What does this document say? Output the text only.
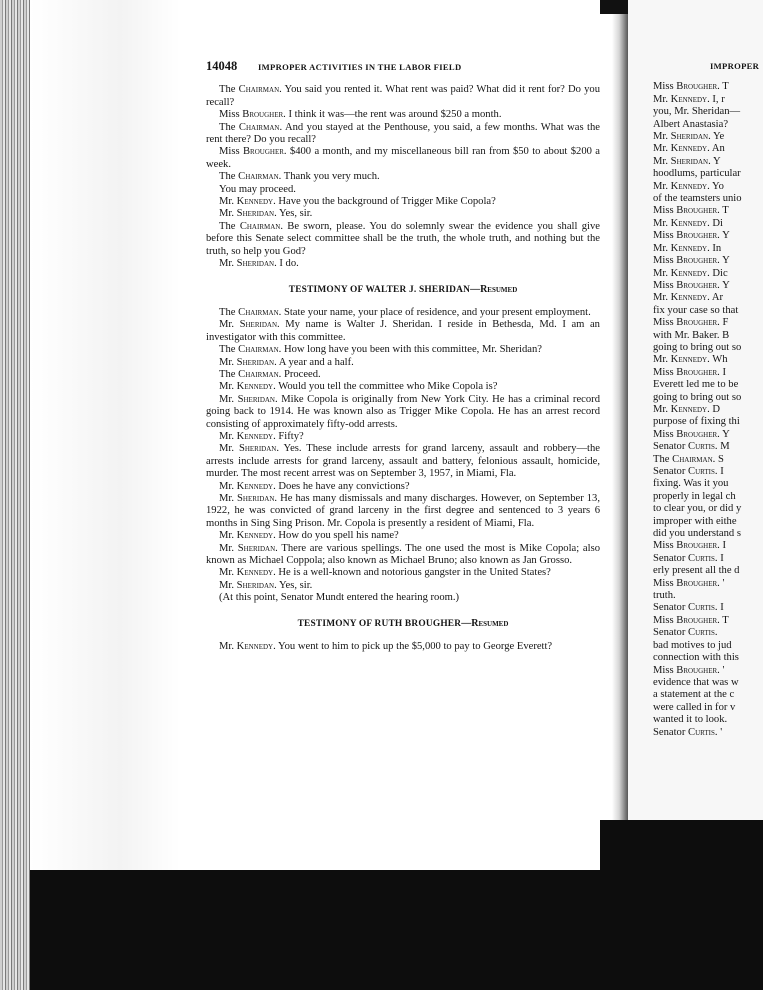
14048	IMPROPER ACTIVITIES IN THE LABOR FIELD

The Chairman. You said you rented it. What rent was paid? What did it rent for? Do you recall?

Miss Brougher. I think it was—the rent was around $250 a month.

The Chairman. And you stayed at the Penthouse, you said, a few months. What was the rent there? Do you recall?

Miss Brougher. $400 a month, and my miscellaneous bill ran from $50 to about $200 a week.

The Chairman. Thank you very much.

You may proceed.

Mr. Kennedy. Have you the background of Trigger Mike Copola?

Mr. Sheridan. Yes, sir.

The Chairman. Be sworn, please. You do solemnly swear the evidence you shall give before this Senate select committee shall be the truth, the whole truth, and nothing but the truth, so help you God?

Mr. Sheridan. I do.

TESTIMONY OF WALTER J. SHERIDAN—Resumed

The Chairman. State your name, your place of residence, and your present employment.

Mr. Sheridan. My name is Walter J. Sheridan. I reside in Bethesda, Md. I am an investigator with this committee.

The Chairman. How long have you been with this committee, Mr. Sheridan?

Mr. Sheridan. A year and a half.

The Chairman. Proceed.

Mr. Kennedy. Would you tell the committee who Mike Copola is?

Mr. Sheridan. Mike Copola is originally from New York City. He has a criminal record going back to 1914. He was known also as Trigger Mike Copola. He has an arrest record consisting of approximately fifty-odd arrests.

Mr. Kennedy. Fifty?

Mr. Sheridan. Yes. These include arrests for grand larceny, assault and robbery—the arrests include arrests for grand larceny, assault and battery, felonious assault, homicide, murder. The most recent arrest was on September 3, 1957, in Miami, Fla.

Mr. Kennedy. Does he have any convictions?

Mr. Sheridan. He has many dismissals and many discharges. However, on September 13, 1922, he was convicted of grand larceny in the first degree and sentenced to 3 years 6 months in Sing Sing Prison. Mr. Copola is presently a resident of Miami, Fla.

Mr. Kennedy. How do you spell his name?

Mr. Sheridan. There are various spellings. The one used the most is Mike Copola; also known as Michael Coppola; also known as Michael Bruno; also known as Jan Grosso.

Mr. Kennedy. He is a well-known and notorious gangster in the United States?

Mr. Sheridan. Yes, sir.

(At this point, Senator Mundt entered the hearing room.)

TESTIMONY OF RUTH BROUGHER—Resumed

Mr. Kennedy. You went to him to pick up the $5,000 to pay to George Everett?

IMPROPER

Miss Brougher. T

Mr. Kennedy. I, r

you, Mr. Sheridan—

Albert Anastasia?

Mr. Sheridan. Ye

Mr. Kennedy. An

Mr. Sheridan. Y

hoodlums, particular

Mr. Kennedy. Yo

of the teamsters unio

Miss Brougher. T

Mr. Kennedy. Di

Miss Brougher. Y

Mr. Kennedy. In

Miss Brougher. Y

Mr. Kennedy. Dic

Miss Brougher. Y

Mr. Kennedy. Ar

fix your case so that

Miss Brougher. F

with Mr. Baker. B

going to bring out so

Mr. Kennedy. Wh

Miss Brougher. I

Everett led me to be

going to bring out so

Mr. Kennedy. D

purpose of fixing thi

Miss Brougher. Y

Senator Curtis. M

The Chairman. S

Senator Curtis. I

fixing. Was it you

properly in legal ch

to clear you, or did y

improper with eithe

did you understand s

Miss Brougher. I

Senator Curtis. I

erly present all the d

Miss Brougher. '

truth.

Senator Curtis. I

Miss Brougher. T

Senator Curtis.

bad motives to jud

connection with this

Miss Brougher. '

evidence that was w

a statement at the c

were called in for v

wanted it to look.

Senator Curtis. '
